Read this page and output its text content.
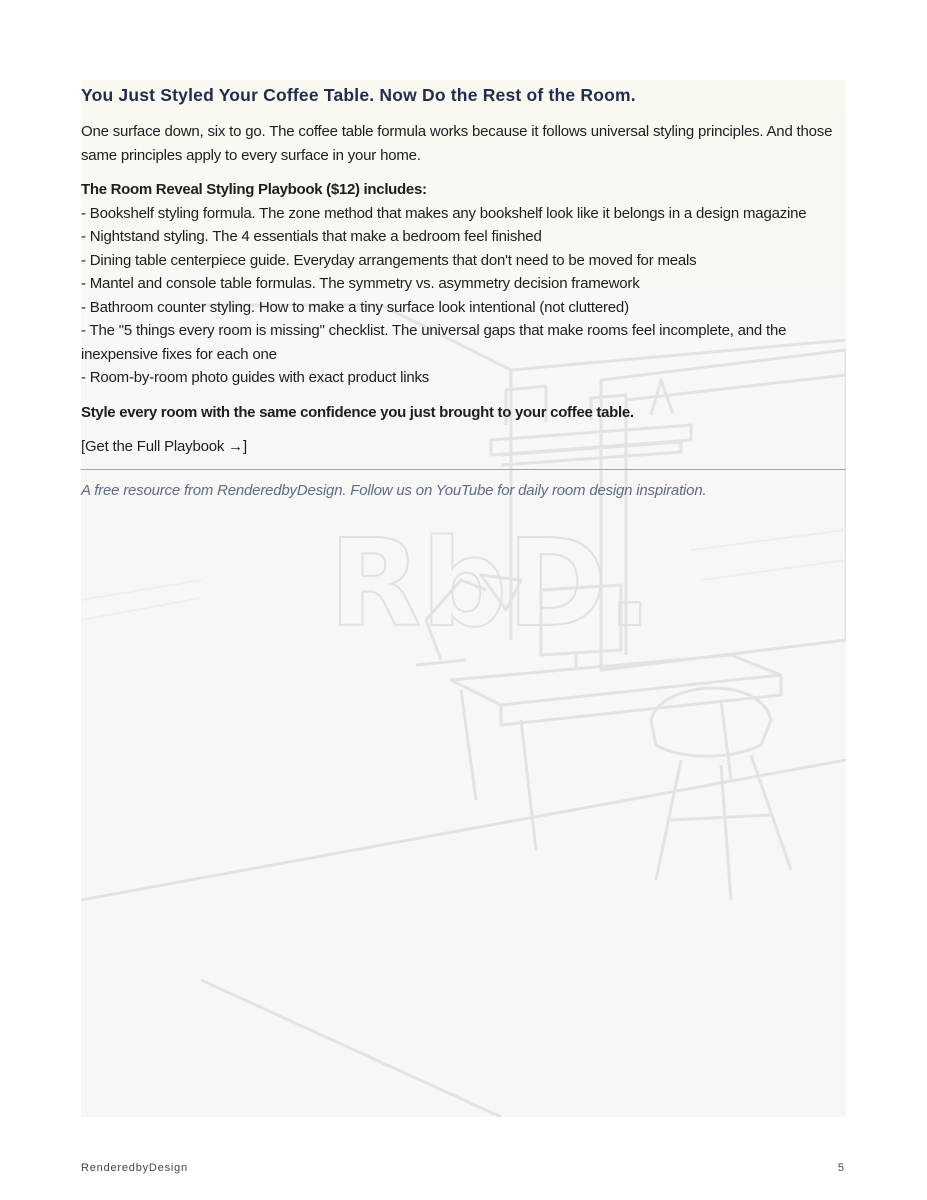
RbD.
You Just Styled Your Coffee Table. Now Do the Rest of the Room.

One surface down, six to go. The coffee table formula works because it follows universal styling principles. And those same principles apply to every surface in your home.

The Room Reveal Styling Playbook ($12) includes:

- Bookshelf styling formula. The zone method that makes any bookshelf look like it belongs in a design magazine
- Nightstand styling. The 4 essentials that make a bedroom feel finished
- Dining table centerpiece guide. Everyday arrangements that don't need to be moved for meals
- Mantel and console table formulas. The symmetry vs. asymmetry decision framework
- Bathroom counter styling. How to make a tiny surface look intentional (not cluttered)
- The "5 things every room is missing" checklist. The universal gaps that make rooms feel incomplete, and the inexpensive fixes for each one
- Room-by-room photo guides with exact product links

Style every room with the same confidence you just brought to your coffee table.

[Get the Full Playbook →]

A free resource from RenderedbyDesign. Follow us on YouTube for daily room design inspiration.

RenderedbyDesign	5
